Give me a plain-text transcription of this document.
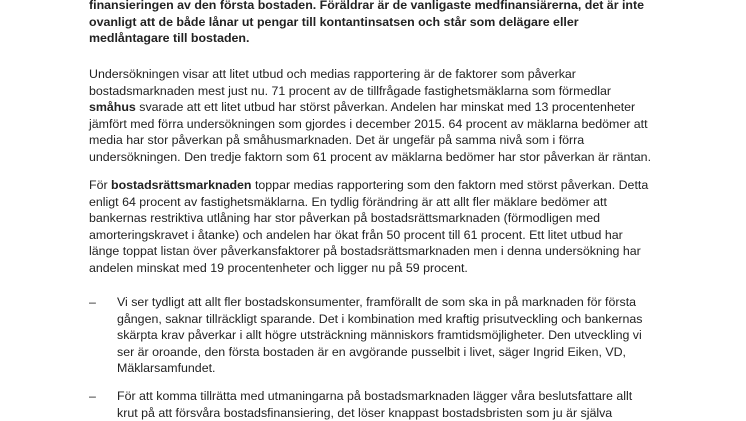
finansieringen av den första bostaden. Föräldrar är de vanligaste medfinansiärerna, det är inte
ovanligt att de både lånar ut pengar till kontantinsatsen och står som delägare eller
medlåntagare till bostaden.
Undersökningen visar att litet utbud och medias rapportering är de faktorer som påverkar
bostadsmarknaden mest just nu. 71 procent av de tillfrågade fastighetsmäklarna som förmedlar
småhus svarade att ett litet utbud har störst påverkan. Andelen har minskat med 13 procentenheter
jämfört med förra undersökningen som gjordes i december 2015. 64 procent av mäklarna bedömer att
media har stor påverkan på småhusmarknaden. Det är ungefär på samma nivå som i förra
undersökningen. Den tredje faktorn som 61 procent av mäklarna bedömer har stor påverkan är räntan.
För bostadsrättsmarknaden toppar medias rapportering som den faktorn med störst påverkan. Detta
enligt 64 procent av fastighetsmäklarna. En tydlig förändring är att allt fler mäklare bedömer att
bankernas restriktiva utlåning har stor påverkan på bostadsrättsmarknaden (förmodligen med
amorteringskravet i åtanke) och andelen har ökat från 50 procent till 61 procent. Ett litet utbud har
länge toppat listan över påverkansfaktorer på bostadsrättsmarknaden men i denna undersökning har
andelen minskat med 19 procentenheter och ligger nu på 59 procent.
–	Vi ser tydligt att allt fler bostadskonsumenter, framförallt de som ska in på marknaden för första
gången, saknar tillräckligt sparande. Det i kombination med kraftig prisutveckling och bankernas
skärpta krav påverkar i allt högre utsträckning människors framtidsmöjligheter. Den utveckling vi
ser är oroande, den första bostaden är en avgörande pusselbit i livet, säger Ingrid Eiken, VD,
Mäklarsamfundet.
–	För att komma tillrätta med utmaningarna på bostadsmarknaden lägger våra beslutsfattare allt
krut på att försvåra bostadsfinansiering, det löser knappast bostadsbristen som ju är själva
